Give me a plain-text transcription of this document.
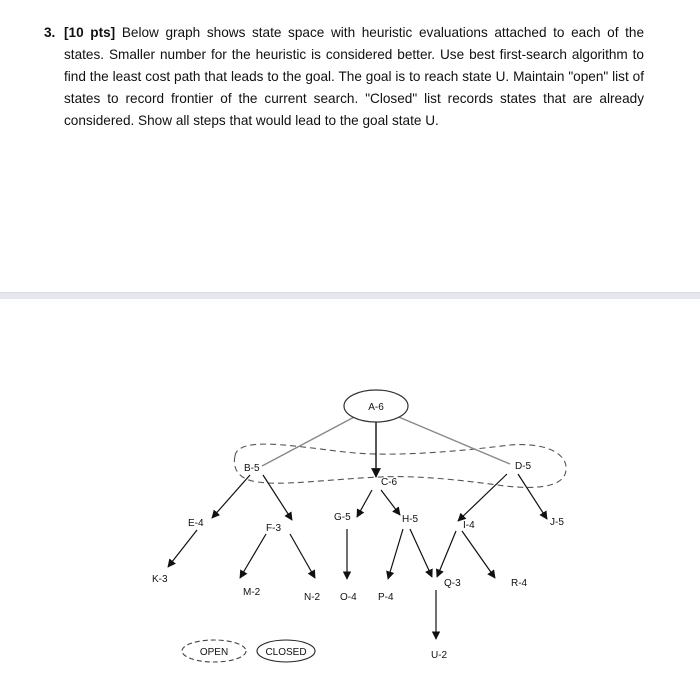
3. [10 pts] Below graph shows state space with heuristic evaluations attached to each of the states. Smaller number for the heuristic is considered better. Use best first-search algorithm to find the least cost path that leads to the goal. The goal is to reach state U. Maintain "open" list of states to record frontier of the current search. "Closed" list records states that are already considered. Show all steps that would lead to the goal state U.
A-6
B-5
C-6
D-5
E-4	F-3
G-5	H-5
I-4	J-5
K-3
M-2	N-2 O-4 P-4
Q-3	R-4
U-2
OPEN	CLOSED
